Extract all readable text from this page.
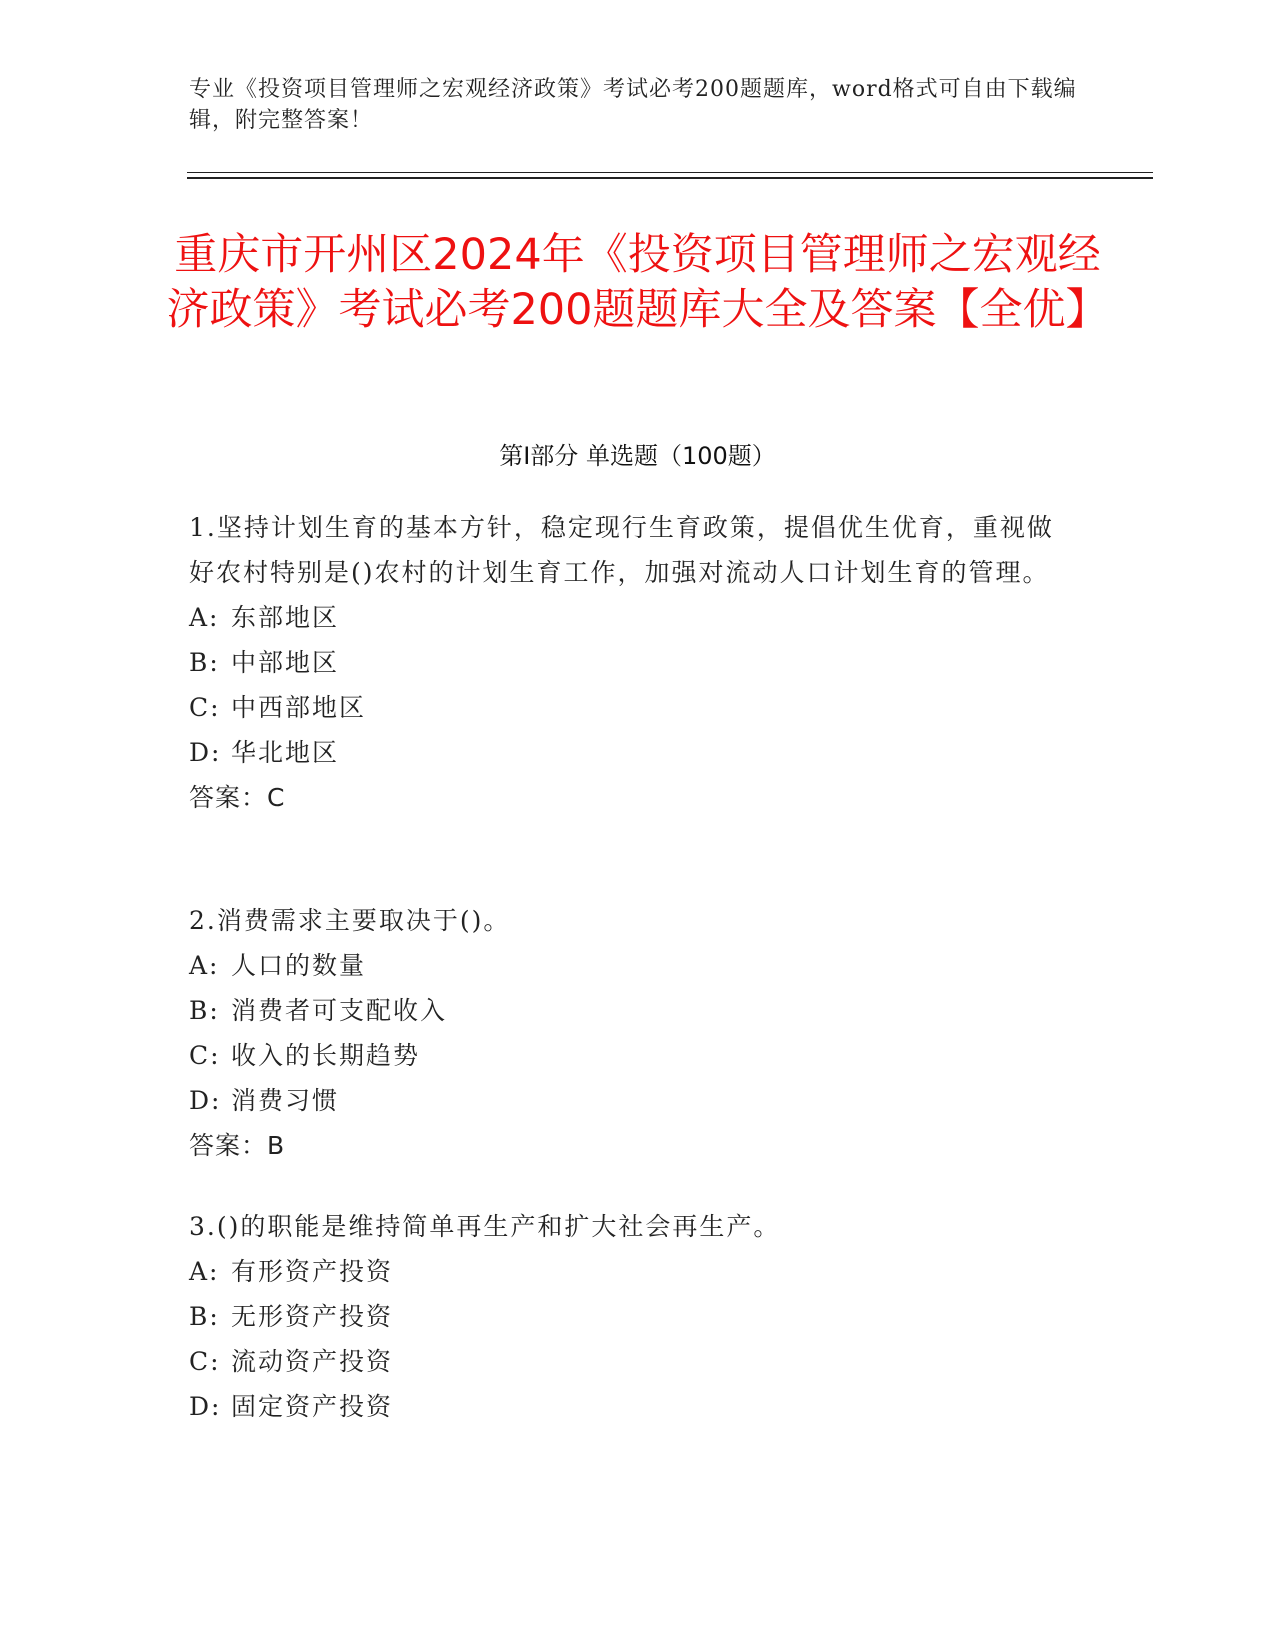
专业《投资项目管理师之宏观经济政策》考试必考200题题库，word格式可自由下载编辑，附完整答案！
重庆市开州区2024年《投资项目管理师之宏观经济政策》考试必考200题题库大全及答案【全优】
第I部分 单选题（100题）
1.坚持计划生育的基本方针，稳定现行生育政策，提倡优生优育，重视做好农村特别是()农村的计划生育工作，加强对流动人口计划生育的管理。
A: 东部地区
B: 中部地区
C: 中西部地区
D: 华北地区
答案：C
2.消费需求主要取决于()。
A: 人口的数量
B: 消费者可支配收入
C: 收入的长期趋势
D: 消费习惯
答案：B
3.()的职能是维持简单再生产和扩大社会再生产。
A: 有形资产投资
B: 无形资产投资
C: 流动资产投资
D: 固定资产投资
